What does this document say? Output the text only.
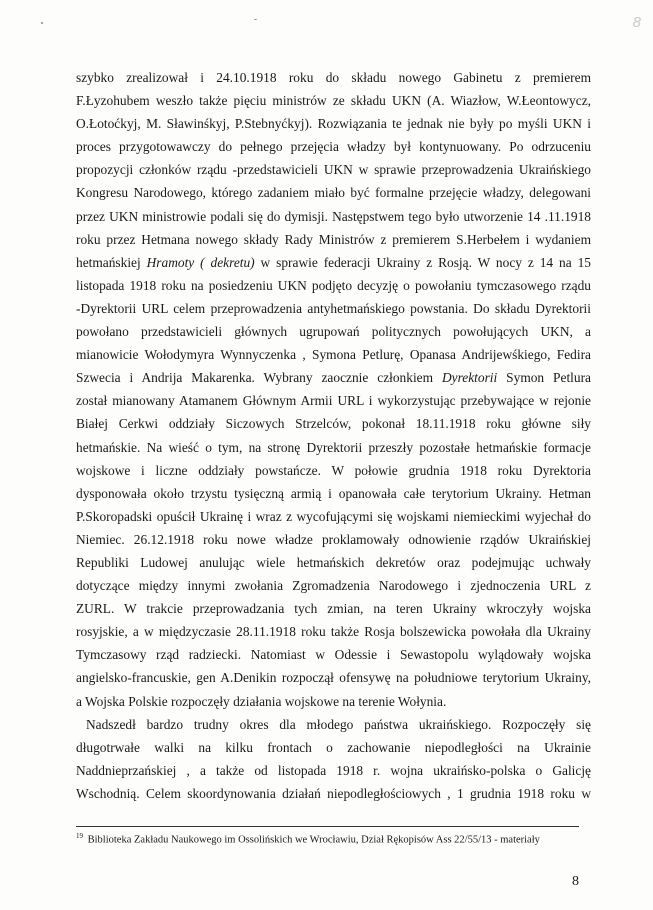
8
szybko zrealizował i 24.10.1918 roku do składu nowego Gabinetu z premierem
F.Łyzohubem weszło także pięciu ministrów ze składu UKN (A. Wiazłow, W.Łeontowycz,
O.Łotoćkyj, M. Sławinśkyj, P.Stebnyćkyj). Rozwiązania te jednak nie były po myśli UKN i
proces przygotowawczy do pełnego przejęcia władzy był kontynuowany. Po odrzuceniu
propozycji członków rządu -przedstawicieli UKN w sprawie przeprowadzenia Ukraińskiego
Kongresu Narodowego, którego zadaniem miało być formalne przejęcie władzy, delegowani
przez UKN ministrowie podali się do dymisji. Następstwem tego było utworzenie 14 .11.1918
roku przez Hetmana nowego składy Rady Ministrów z premierem S.Herbełem i wydaniem
hetmańskiej Hramoty ( dekretu) w sprawie federacji Ukrainy z Rosją. W nocy z 14 na 15
listopada 1918 roku na posiedzeniu UKN podjęto decyzję o powołaniu tymczasowego rządu
-Dyrektorii URL celem przeprowadzenia antyhetmańskiego powstania. Do składu Dyrektorii
powołano przedstawicieli głównych ugrupowań politycznych powołujących UKN, a
mianowicie Wołodymyra Wynnyczenka , Symona Petlurę, Opanasa Andrijewśkiego, Fedira
Szwecia i Andrija Makarenka. Wybrany zaocznie członkiem Dyrektorii Symon Petlura
został mianowany Atamanem Głównym Armii URL i wykorzystując przebywające w rejonie
Białej Cerkwi oddziały Siczowych Strzelców, pokonał 18.11.1918 roku główne siły
hetmańskie. Na wieść o tym, na stronę Dyrektorii przeszły pozostałe hetmańskie formacje
wojskowe i liczne oddziały powstańcze. W połowie grudnia 1918 roku Dyrektoria
dysponowała około trzystu tysięczną armią i opanowała całe terytorium Ukrainy. Hetman
P.Skoropadski opuścił Ukrainę i wraz z wycofującymi się wojskami niemieckimi wyjechał do
Niemiec. 26.12.1918 roku nowe władze proklamowały odnowienie rządów Ukraińskiej
Republiki Ludowej anulując wiele hetmańskich dekretów oraz podejmując uchwały
dotyczące między innymi zwołania Zgromadzenia Narodowego i zjednoczenia URL z
ZURL. W trakcie przeprowadzania tych zmian, na teren Ukrainy wkroczyły wojska
rosyjskie, a w międzyczasie 28.11.1918 roku także Rosja bolszewicka powołała dla Ukrainy
Tymczasowy rząd radziecki. Natomiast w Odessie i Sewastopolu wylądowały wojska
angielsko-francuskie, gen A.Denikin rozpoczął ofensywę na południowe terytorium Ukrainy,
a Wojska Polskie rozpoczęły działania wojskowe na terenie Wołynia.
Nadszedł bardzo trudny okres dla młodego państwa ukraińskiego. Rozpoczęły się
długotrwałe walki na kilku frontach o zachowanie niepodległości na Ukrainie
Naddnieprzańskiej , a także od listopada 1918 r. wojna ukraińsko-polska o Galicję
Wschodnią. Celem skoordynowania działań niepodległościowych , 1 grudnia 1918 roku w
$^{19}$ Biblioteka Zakładu Naukowego im Ossolińskich we Wrocławiu, Dział Rękopisów Ass 22/55/13 - materiały
8
